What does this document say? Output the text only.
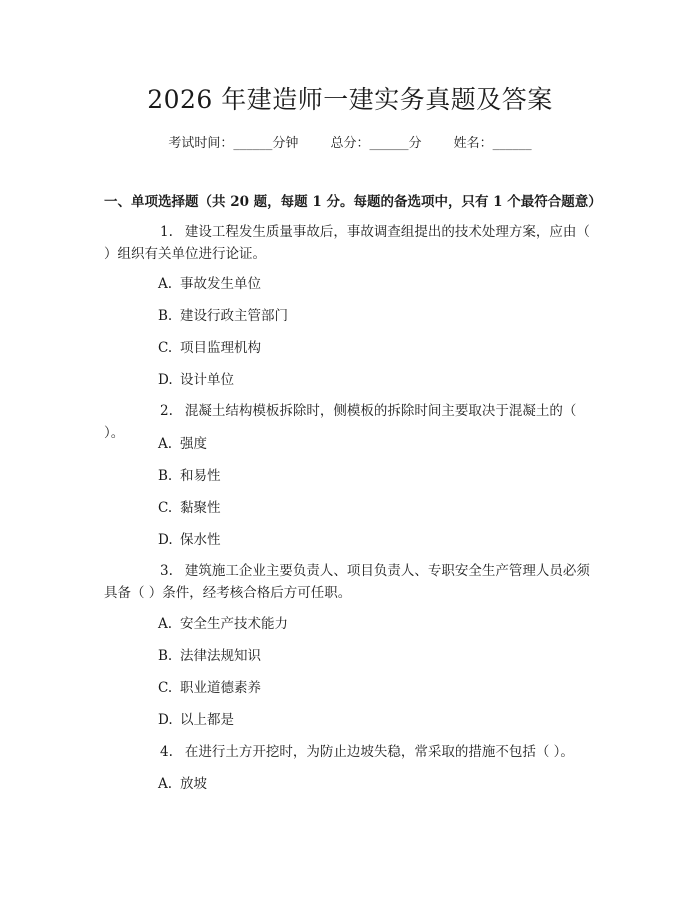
2026 年建造师一建实务真题及答案
考试时间：______分钟 总分：______分 姓名：______
一、单项选择题（共 20 题，每题 1 分。每题的备选项中，只有 1 个最符合题意）

1. 建设工程发生质量事故后，事故调查组提出的技术处理方案，应由（ ）组织有关单位进行论证。

A. 事故发生单位
B. 建设行政主管部门
C. 项目监理机构
D. 设计单位

2. 混凝土结构模板拆除时，侧模板的拆除时间主要取决于混凝土的（ ）。

A. 强度
B. 和易性
C. 黏聚性
D. 保水性

3. 建筑施工企业主要负责人、项目负责人、专职安全生产管理人员必须具备（ ）条件，经考核合格后方可任职。

A. 安全生产技术能力
B. 法律法规知识
C. 职业道德素养
D. 以上都是

4. 在进行土方开挖时，为防止边坡失稳，常采取的措施不包括（ ）。

A. 放坡
